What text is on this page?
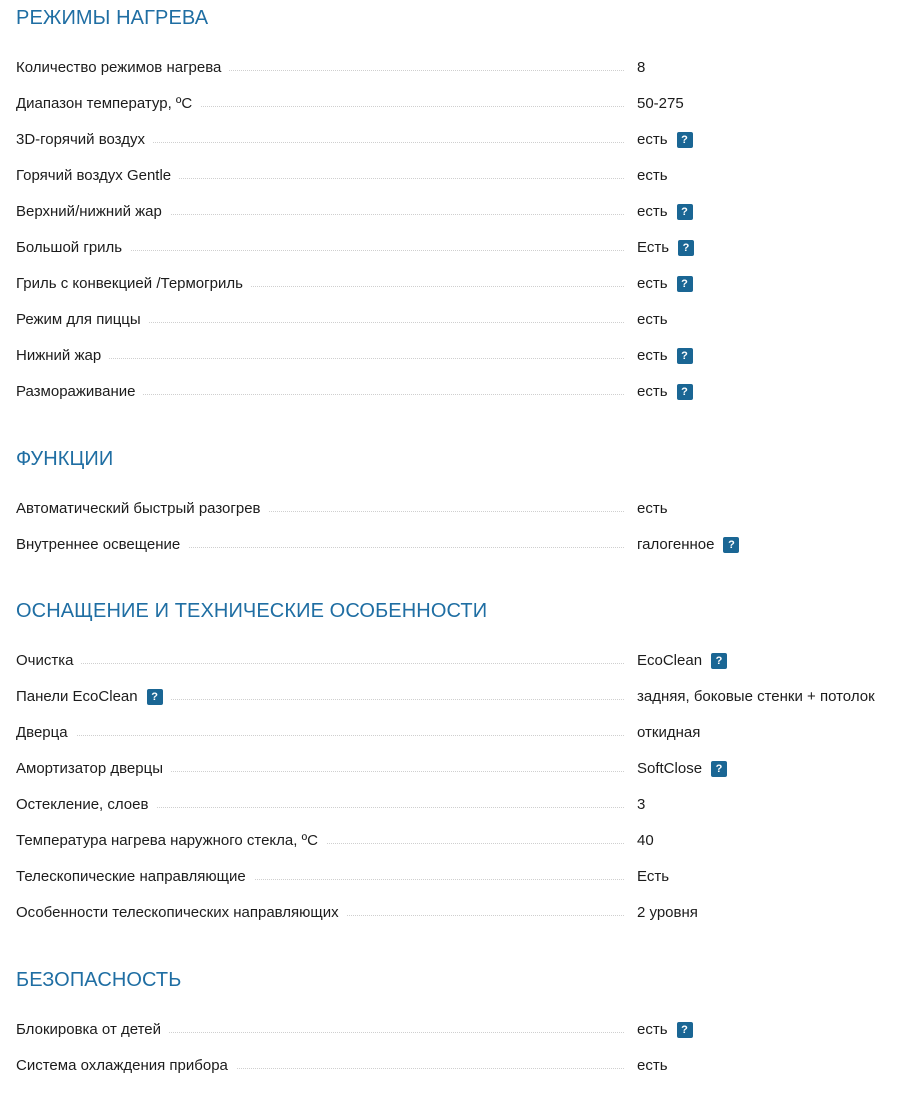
РЕЖИМЫ НАГРЕВА
Количество режимов нагрева	8
Диапазон температур, ºC	50-275
3D-горячий воздух	есть	?
Горячий воздух Gentle	есть
Верхний/нижний жар	есть	?
Большой гриль	Есть	?
Гриль с конвекцией /Термогриль	есть	?
Режим для пиццы	есть
Нижний жар	есть	?
Размораживание	есть	?
ФУНКЦИИ
Автоматический быстрый разогрев	есть
Внутреннее освещение	галогенное	?
ОСНАЩЕНИЕ И ТЕХНИЧЕСКИЕ ОСОБЕННОСТИ
Очистка	EcoClean	?
Панели EcoClean	?	задняя, боковые стенки + потолок
Дверца	откидная
Амортизатор дверцы	SoftClose	?
Остекление, слоев	3
Температура нагрева наружного стекла, ºC	40
Телескопические направляющие	Есть
Особенности телескопических направляющих	2 уровня
БЕЗОПАСНОСТЬ
Блокировка от детей	есть	?
Система охлаждения прибора	есть
